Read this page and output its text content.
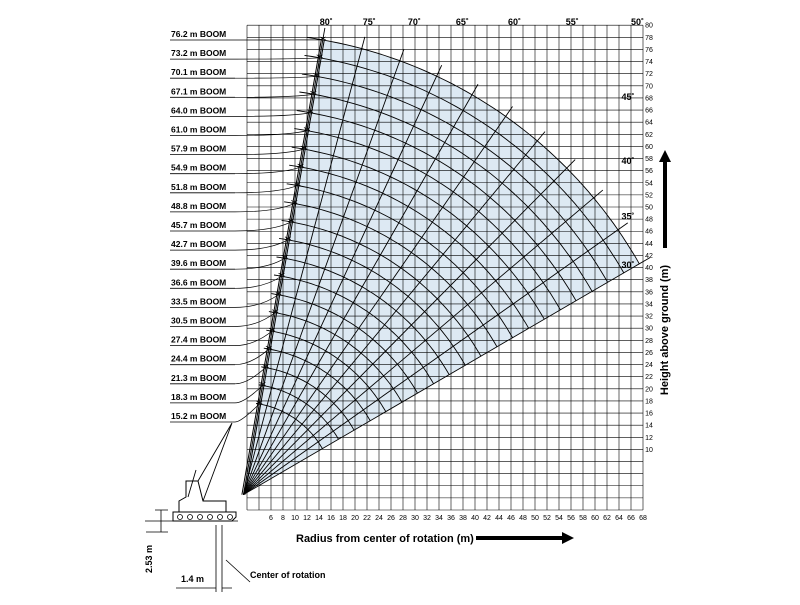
76.2 m BOOM
73.2 m BOOM
70.1 m BOOM
67.1 m BOOM
64.0 m BOOM
61.0 m BOOM
57.9 m BOOM
54.9 m BOOM
51.8 m BOOM
48.8 m BOOM
45.7 m BOOM
42.7 m BOOM
39.6 m BOOM
36.6 m BOOM
33.5 m BOOM
30.5 m BOOM
27.4 m BOOM
24.4 m BOOM
21.3 m BOOM
18.3 m BOOM
15.2 m BOOM
6 8 10 12 14 16 18 20 22 24 26 28 30 32 34 36 38 40 42 44 46 48 50 52 54 56 58 60 62 64 66 68
10
12
14
16
18
20
22
24
26
28
30
32
34
36
38
40
42
44
46
48
50
52
54
56
58
60
62
64
66
68
70
72
74
76
78
80
80˚	75˚	70˚	65˚	60˚	55˚	50˚
45˚
40˚
35˚
30˚
Radius from center of rotation (m)
Height above ground (m)
2.53 m
1.4 m	Center of rotation
